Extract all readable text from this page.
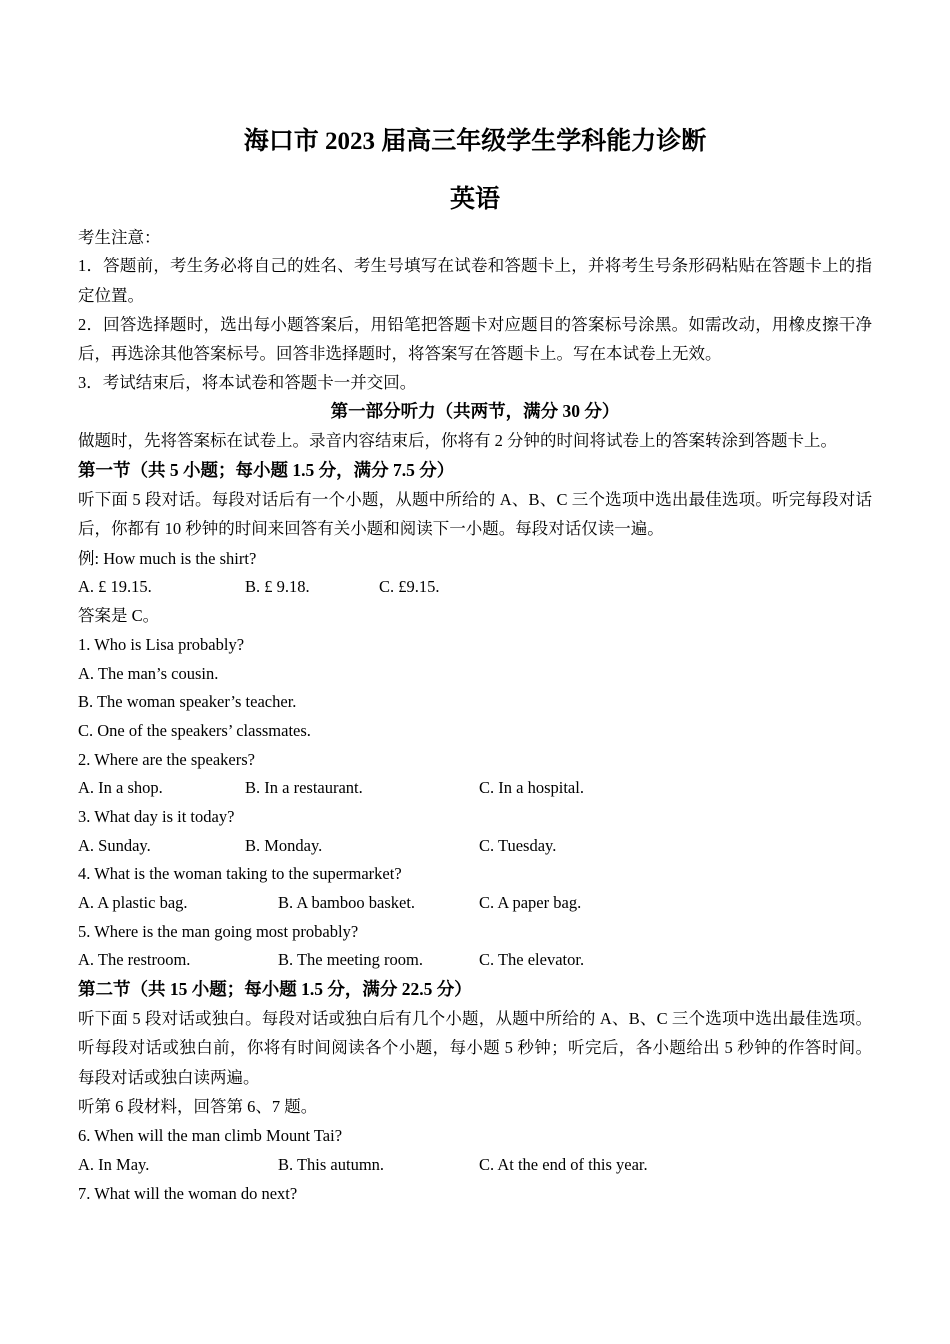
海口市 2023 届高三年级学生学科能力诊断
英语
考生注意：
1．答题前，考生务必将自己的姓名、考生号填写在试卷和答题卡上，并将考生号条形码粘贴在答题卡上的指
定位置。
2．回答选择题时，选出每小题答案后，用铅笔把答题卡对应题目的答案标号涂黑。如需改动，用橡皮擦干净
后，再选涂其他答案标号。回答非选择题时，将答案写在答题卡上。写在本试卷上无效。
3．考试结束后，将本试卷和答题卡一并交回。
第一部分听力（共两节，满分 30 分）
做题时，先将答案标在试卷上。录音内容结束后，你将有 2 分钟的时间将试卷上的答案转涂到答题卡上。
第一节（共 5 小题；每小题 1.5 分，满分 7.5 分）
听下面 5 段对话。每段对话后有一个小题，从题中所给的 A、B、C 三个选项中选出最佳选项。听完每段对话
后，你都有 10 秒钟的时间来回答有关小题和阅读下一小题。每段对话仅读一遍。
例: How much is the shirt?
A. £ 19.15.	B. £ 9.18.	C. £9.15.
答案是 C。
1. Who is Lisa probably?
A. The man’s cousin.
B. The woman speaker’s teacher.
C. One of the speakers’ classmates.
2. Where are the speakers?
A. In a shop.	B. In a restaurant.	C. In a hospital.
3. What day is it today?
A. Sunday.	B. Monday.	C. Tuesday.
4. What is the woman taking to the supermarket?
A. A plastic bag.	B. A bamboo basket.	C. A paper bag.
5. Where is the man going most probably?
A. The restroom.	B. The meeting room.	C. The elevator.
第二节（共 15 小题；每小题 1.5 分，满分 22.5 分）
听下面 5 段对话或独白。每段对话或独白后有几个小题，从题中所给的 A、B、C 三个选项中选出最佳选项。
听每段对话或独白前，你将有时间阅读各个小题，每小题 5 秒钟；听完后，各小题给出 5 秒钟的作答时间。
每段对话或独白读两遍。
听第 6 段材料，回答第 6、7 题。
6. When will the man climb Mount Tai?
A. In May.	B. This autumn.	C. At the end of this year.
7. What will the woman do next?
